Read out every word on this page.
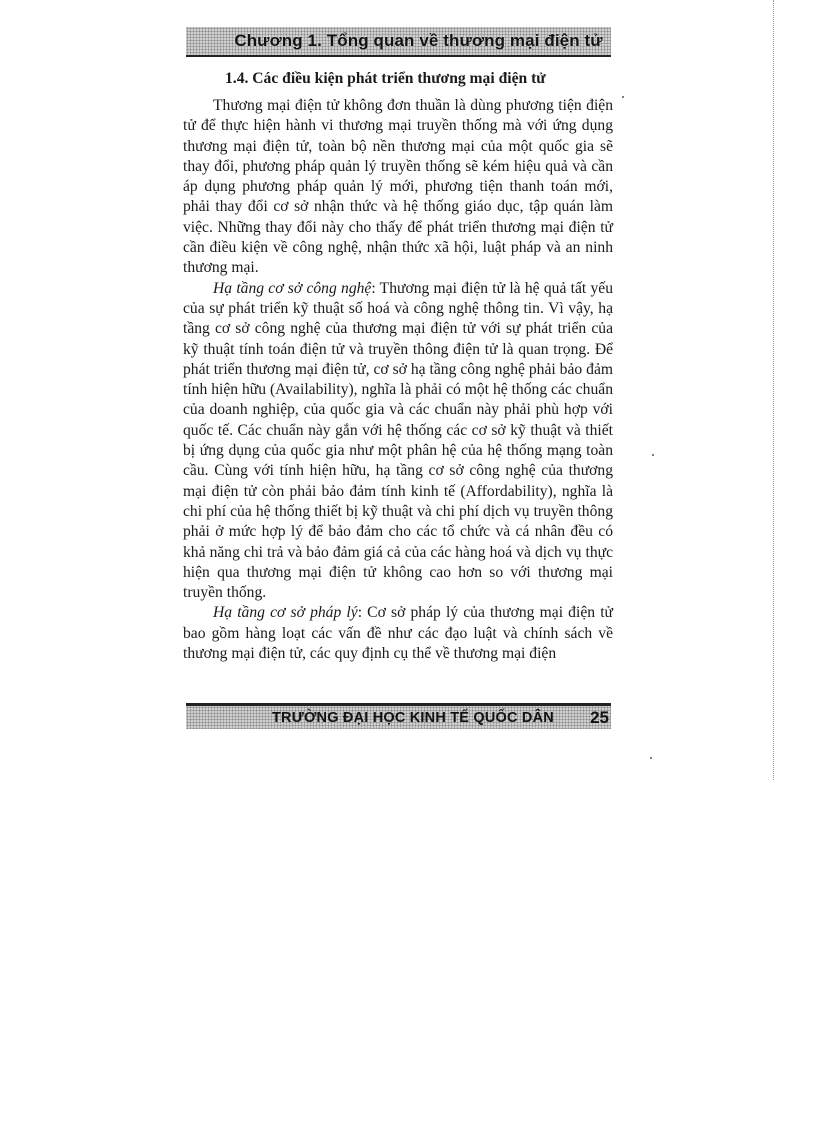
Chương 1. Tổng quan về thương mại điện tử

1.4. Các điều kiện phát triển thương mại điện tử

Thương mại điện tử không đơn thuần là dùng phương tiện điện tử để thực hiện hành vi thương mại truyền thống mà với ứng dụng thương mại điện tử, toàn bộ nền thương mại của một quốc gia sẽ thay đổi, phương pháp quản lý truyền thống sẽ kém hiệu quả và cần áp dụng phương pháp quản lý mới, phương tiện thanh toán mới, phải thay đổi cơ sở nhận thức và hệ thống giáo dục, tập quán làm việc. Những thay đổi này cho thấy để phát triển thương mại điện tử cần điều kiện về công nghệ, nhận thức xã hội, luật pháp và an ninh thương mại.

Hạ tầng cơ sở công nghệ: Thương mại điện tử là hệ quả tất yếu của sự phát triển kỹ thuật số hoá và công nghệ thông tin. Vì vậy, hạ tầng cơ sở công nghệ của thương mại điện tử với sự phát triển của kỹ thuật tính toán điện tử và truyền thông điện tử là quan trọng. Để phát triển thương mại điện tử, cơ sở hạ tầng công nghệ phải bảo đảm tính hiện hữu (Availability), nghĩa là phải có một hệ thống các chuẩn của doanh nghiệp, của quốc gia và các chuẩn này phải phù hợp với quốc tế. Các chuẩn này gắn với hệ thống các cơ sở kỹ thuật và thiết bị ứng dụng của quốc gia như một phân hệ của hệ thống mạng toàn cầu. Cùng với tính hiện hữu, hạ tầng cơ sở công nghệ của thương mại điện tử còn phải bảo đảm tính kinh tế (Affordability), nghĩa là chi phí của hệ thống thiết bị kỹ thuật và chi phí dịch vụ truyền thông phải ở mức hợp lý để bảo đảm cho các tổ chức và cá nhân đều có khả năng chi trả và bảo đảm giá cả của các hàng hoá và dịch vụ thực hiện qua thương mại điện tử không cao hơn so với thương mại truyền thống.

Hạ tầng cơ sở pháp lý: Cơ sở pháp lý của thương mại điện tử bao gồm hàng loạt các vấn đề như các đạo luật và chính sách về thương mại điện tử, các quy định cụ thể về thương mại điện

TRƯỜNG ĐẠI HỌC KINH TẾ QUỐC DÂN 25
